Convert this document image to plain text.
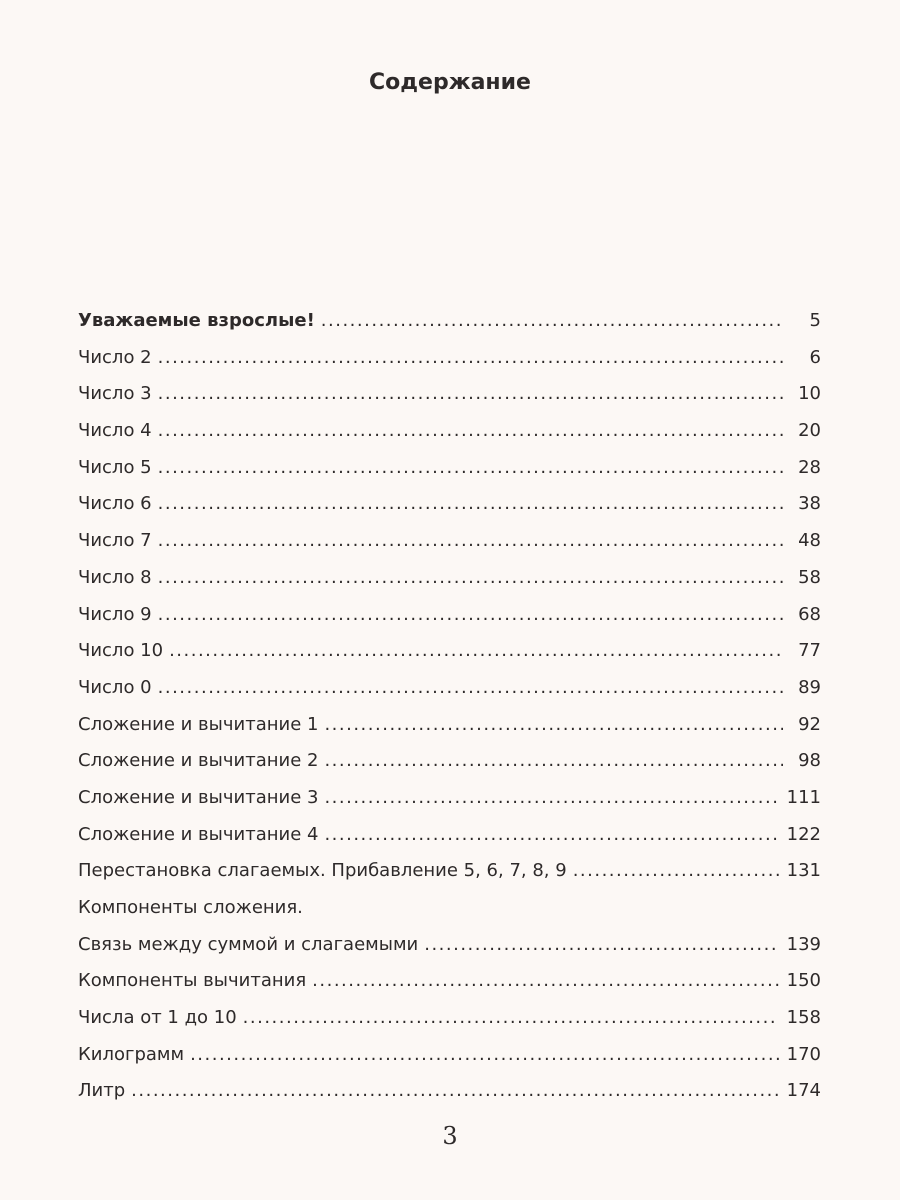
Содержание
Уважаемые взрослые! .....	5
Число 2 .....	6
Число 3 .....	10
Число 4 .....	20
Число 5 .....	28
Число 6 .....	38
Число 7 .....	48
Число 8 .....	58
Число 9 .....	68
Число 10 .....	77
Число 0 .....	89
Сложение и вычитание 1 .....	92
Сложение и вычитание 2 .....	98
Сложение и вычитание 3 .....	111
Сложение и вычитание 4 .....	122
Перестановка слагаемых. Прибавление 5, 6, 7, 8, 9 .....	131
Компоненты сложения.
Связь между суммой и слагаемыми .....	139
Компоненты вычитания .....	150
Числа от 1 до 10 .....	158
Килограмм .....	170
Литр .....	174
3
